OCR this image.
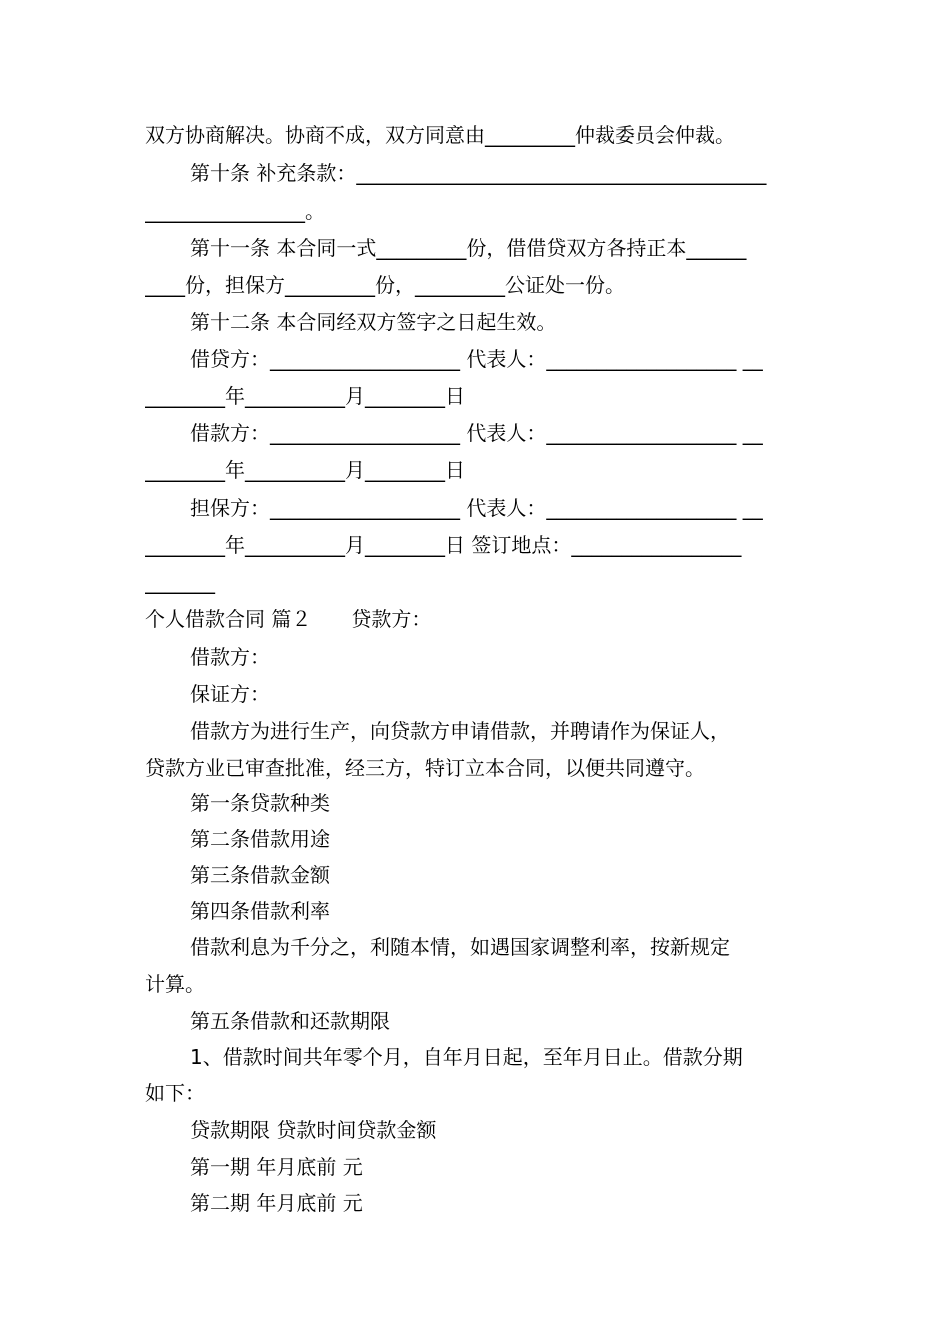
双方协商解决。协商不成，双方同意由_________仲裁委员会仲裁。
第十条 补充条款：_________________________________________
________________。
第十一条 本合同一式_________份，借借贷双方各持正本______
____份，担保方_________份，_________公证处一份。
第十二条 本合同经双方签字之日起生效。
借贷方：___________________ 代表人：___________________ __
________年__________月________日
借款方：___________________ 代表人：___________________ __
________年__________月________日
担保方：___________________ 代表人：___________________ __
________年__________月________日 签订地点：_________________
_______
个人借款合同 篇２　　贷款方：
借款方：
保证方：
借款方为进行生产，向贷款方申请借款，并聘请作为保证人，
贷款方业已审查批准，经三方，特订立本合同，以便共同遵守。
第一条贷款种类
第二条借款用途
第三条借款金额
第四条借款利率
借款利息为千分之，利随本情，如遇国家调整利率，按新规定
计算。
第五条借款和还款期限
1、借款时间共年零个月，自年月日起，至年月日止。借款分期
如下：
贷款期限 贷款时间贷款金额
第一期 年月底前 元
第二期 年月底前 元
